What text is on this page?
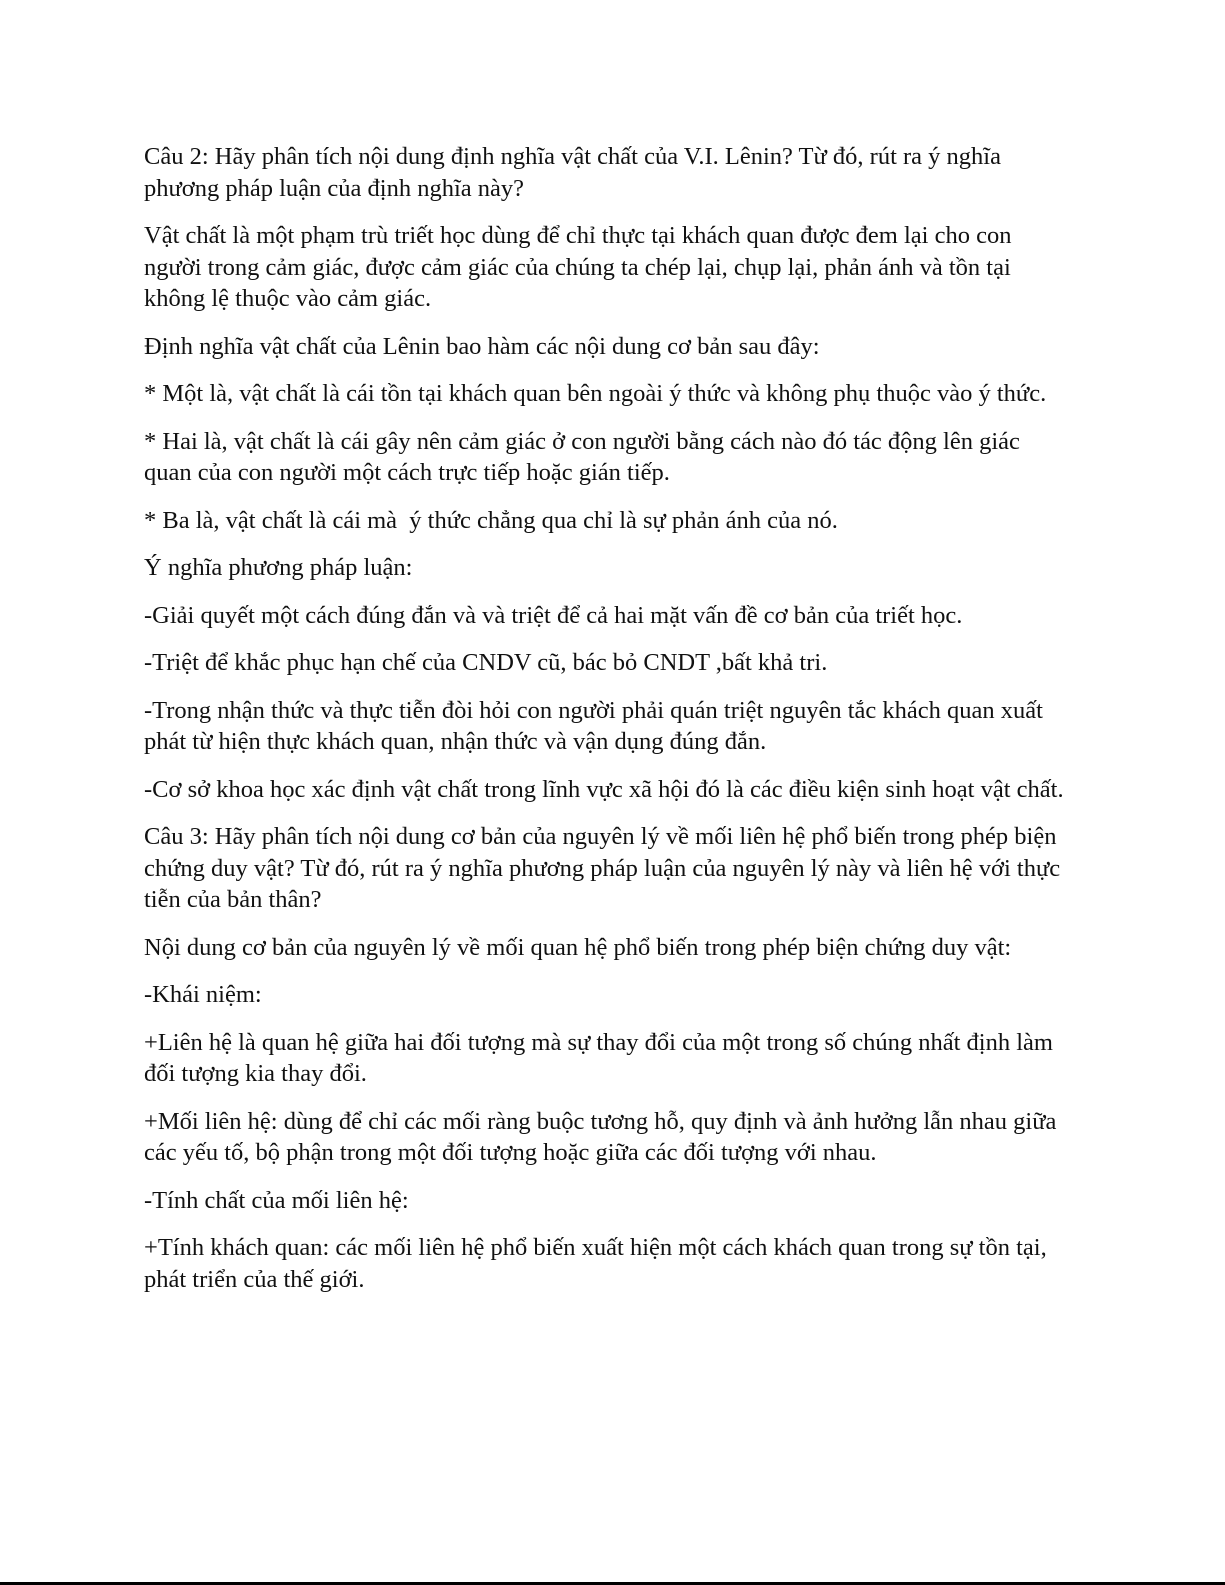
Câu 2: Hãy phân tích nội dung định nghĩa vật chất của V.I. Lênin? Từ đó, rút ra ý nghĩa phương pháp luận của định nghĩa này?

Vật chất là một phạm trù triết học dùng để chỉ thực tại khách quan được đem lại cho con người trong cảm giác, được cảm giác của chúng ta chép lại, chụp lại, phản ánh và tồn tại không lệ thuộc vào cảm giác.

Định nghĩa vật chất của Lênin bao hàm các nội dung cơ bản sau đây:

* Một là, vật chất là cái tồn tại khách quan bên ngoài ý thức và không phụ thuộc vào ý thức.

* Hai là, vật chất là cái gây nên cảm giác ở con người bằng cách nào đó tác động lên giác quan của con người một cách trực tiếp hoặc gián tiếp.

* Ba là, vật chất là cái mà  ý thức chẳng qua chỉ là sự phản ánh của nó.

Ý nghĩa phương pháp luận:

-Giải quyết một cách đúng đắn và và triệt để cả hai mặt vấn đề cơ bản của triết học.

-Triệt để khắc phục hạn chế của CNDV cũ, bác bỏ CNDT ,bất khả tri.

-Trong nhận thức và thực tiễn đòi hỏi con người phải quán triệt nguyên tắc khách quan xuất phát từ hiện thực khách quan, nhận thức và vận dụng đúng đắn.

-Cơ sở khoa học xác định vật chất trong lĩnh vực xã hội đó là các điều kiện sinh hoạt vật chất.

Câu 3: Hãy phân tích nội dung cơ bản của nguyên lý về mối liên hệ phổ biến trong phép biện chứng duy vật? Từ đó, rút ra ý nghĩa phương pháp luận của nguyên lý này và liên hệ với thực tiễn của bản thân?

Nội dung cơ bản của nguyên lý về mối quan hệ phổ biến trong phép biện chứng duy vật:

-Khái niệm:

+Liên hệ là quan hệ giữa hai đối tượng mà sự thay đổi của một trong số chúng nhất định làm đối tượng kia thay đổi.

+Mối liên hệ: dùng để chỉ các mối ràng buộc tương hỗ, quy định và ảnh hưởng lẫn nhau giữa các yếu tố, bộ phận trong một đối tượng hoặc giữa các đối tượng với nhau.

-Tính chất của mối liên hệ:

+Tính khách quan: các mối liên hệ phổ biến xuất hiện một cách khách quan trong sự tồn tại, phát triển của thế giới.
